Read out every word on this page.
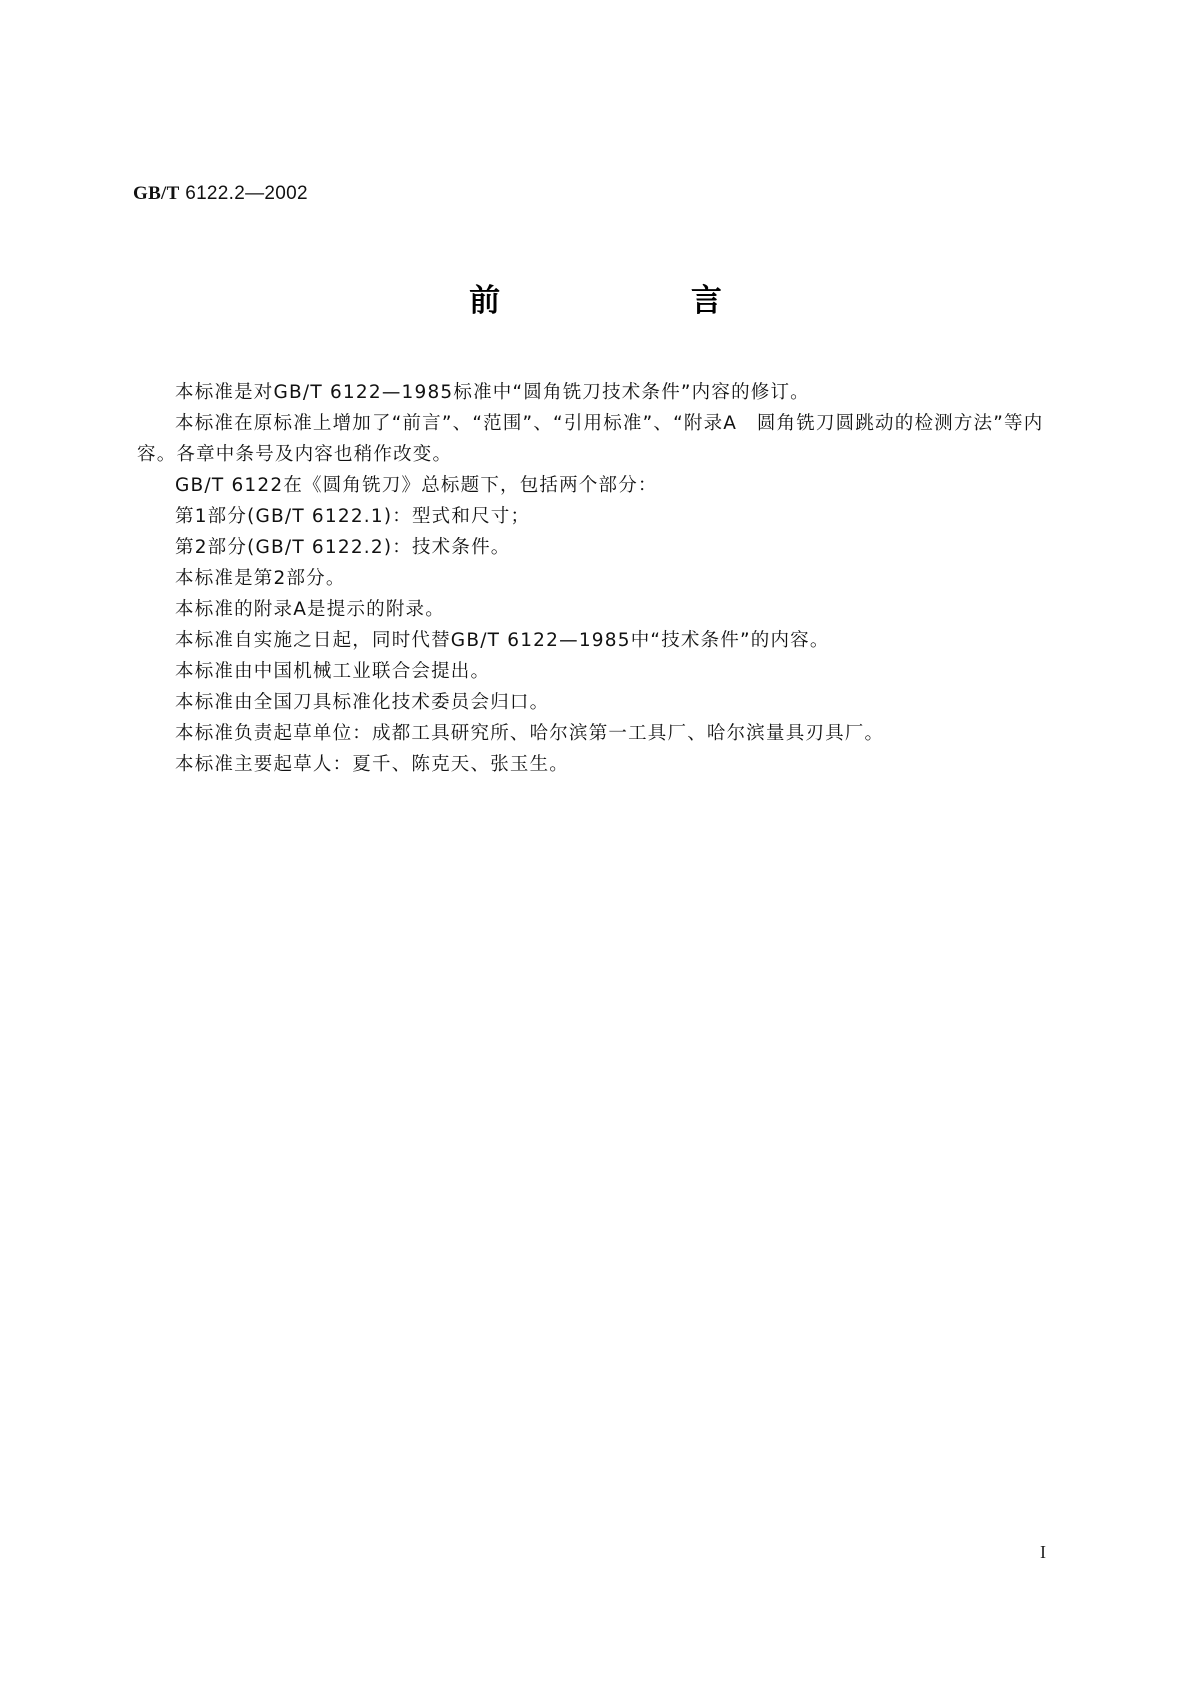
GB/T 6122.2—2002
前 言

本标准是对GB/T 6122—1985标准中“圆角铣刀技术条件”内容的修订。

本标准在原标准上增加了“前言”、“范围”、“引用标准”、“附录A　圆角铣刀圆跳动的检测方法”等内容。各章中条号及内容也稍作改变。

GB/T 6122在《圆角铣刀》总标题下，包括两个部分：

第1部分(GB/T 6122.1)：型式和尺寸；

第2部分(GB/T 6122.2)：技术条件。

本标准是第2部分。

本标准的附录A是提示的附录。

本标准自实施之日起，同时代替GB/T 6122—1985中“技术条件”的内容。

本标准由中国机械工业联合会提出。

本标准由全国刀具标准化技术委员会归口。

本标准负责起草单位：成都工具研究所、哈尔滨第一工具厂、哈尔滨量具刃具厂。

本标准主要起草人：夏千、陈克天、张玉生。

I
